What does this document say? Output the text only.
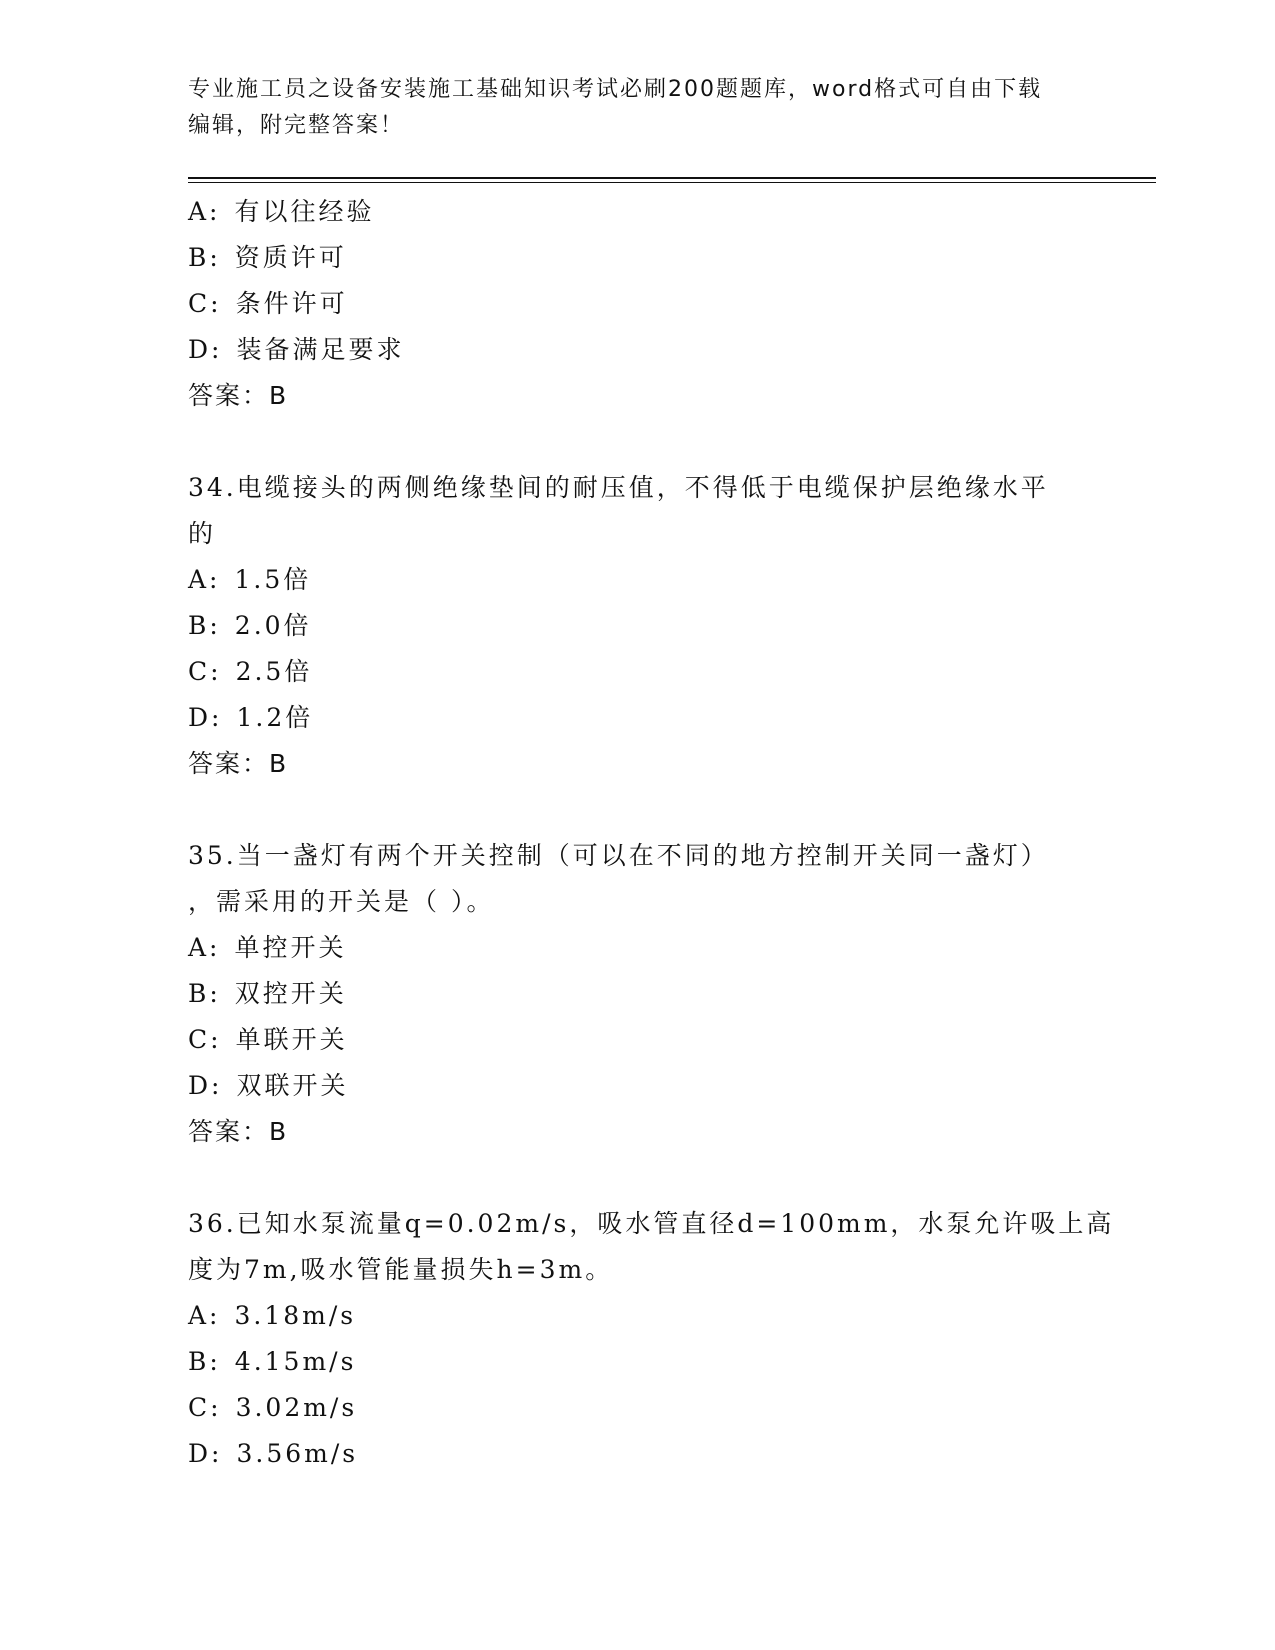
专业施工员之设备安装施工基础知识考试必刷200题题库，word格式可自由下载
编辑，附完整答案！
A: 有以往经验
B: 资质许可
C: 条件许可
D: 装备满足要求
答案：B
34.电缆接头的两侧绝缘垫间的耐压值，不得低于电缆保护层绝缘水平
的
A: 1.5倍
B: 2.0倍
C: 2.5倍
D: 1.2倍
答案：B
35.当一盏灯有两个开关控制（可以在不同的地方控制开关同一盏灯）
，需采用的开关是（ ）。
A: 单控开关
B: 双控开关
C: 单联开关
D: 双联开关
答案：B
36.已知水泵流量q=0.02m/s，吸水管直径d=100mm，水泵允许吸上高
度为7m,吸水管能量损失h=3m。
A: 3.18m/s
B: 4.15m/s
C: 3.02m/s
D: 3.56m/s
